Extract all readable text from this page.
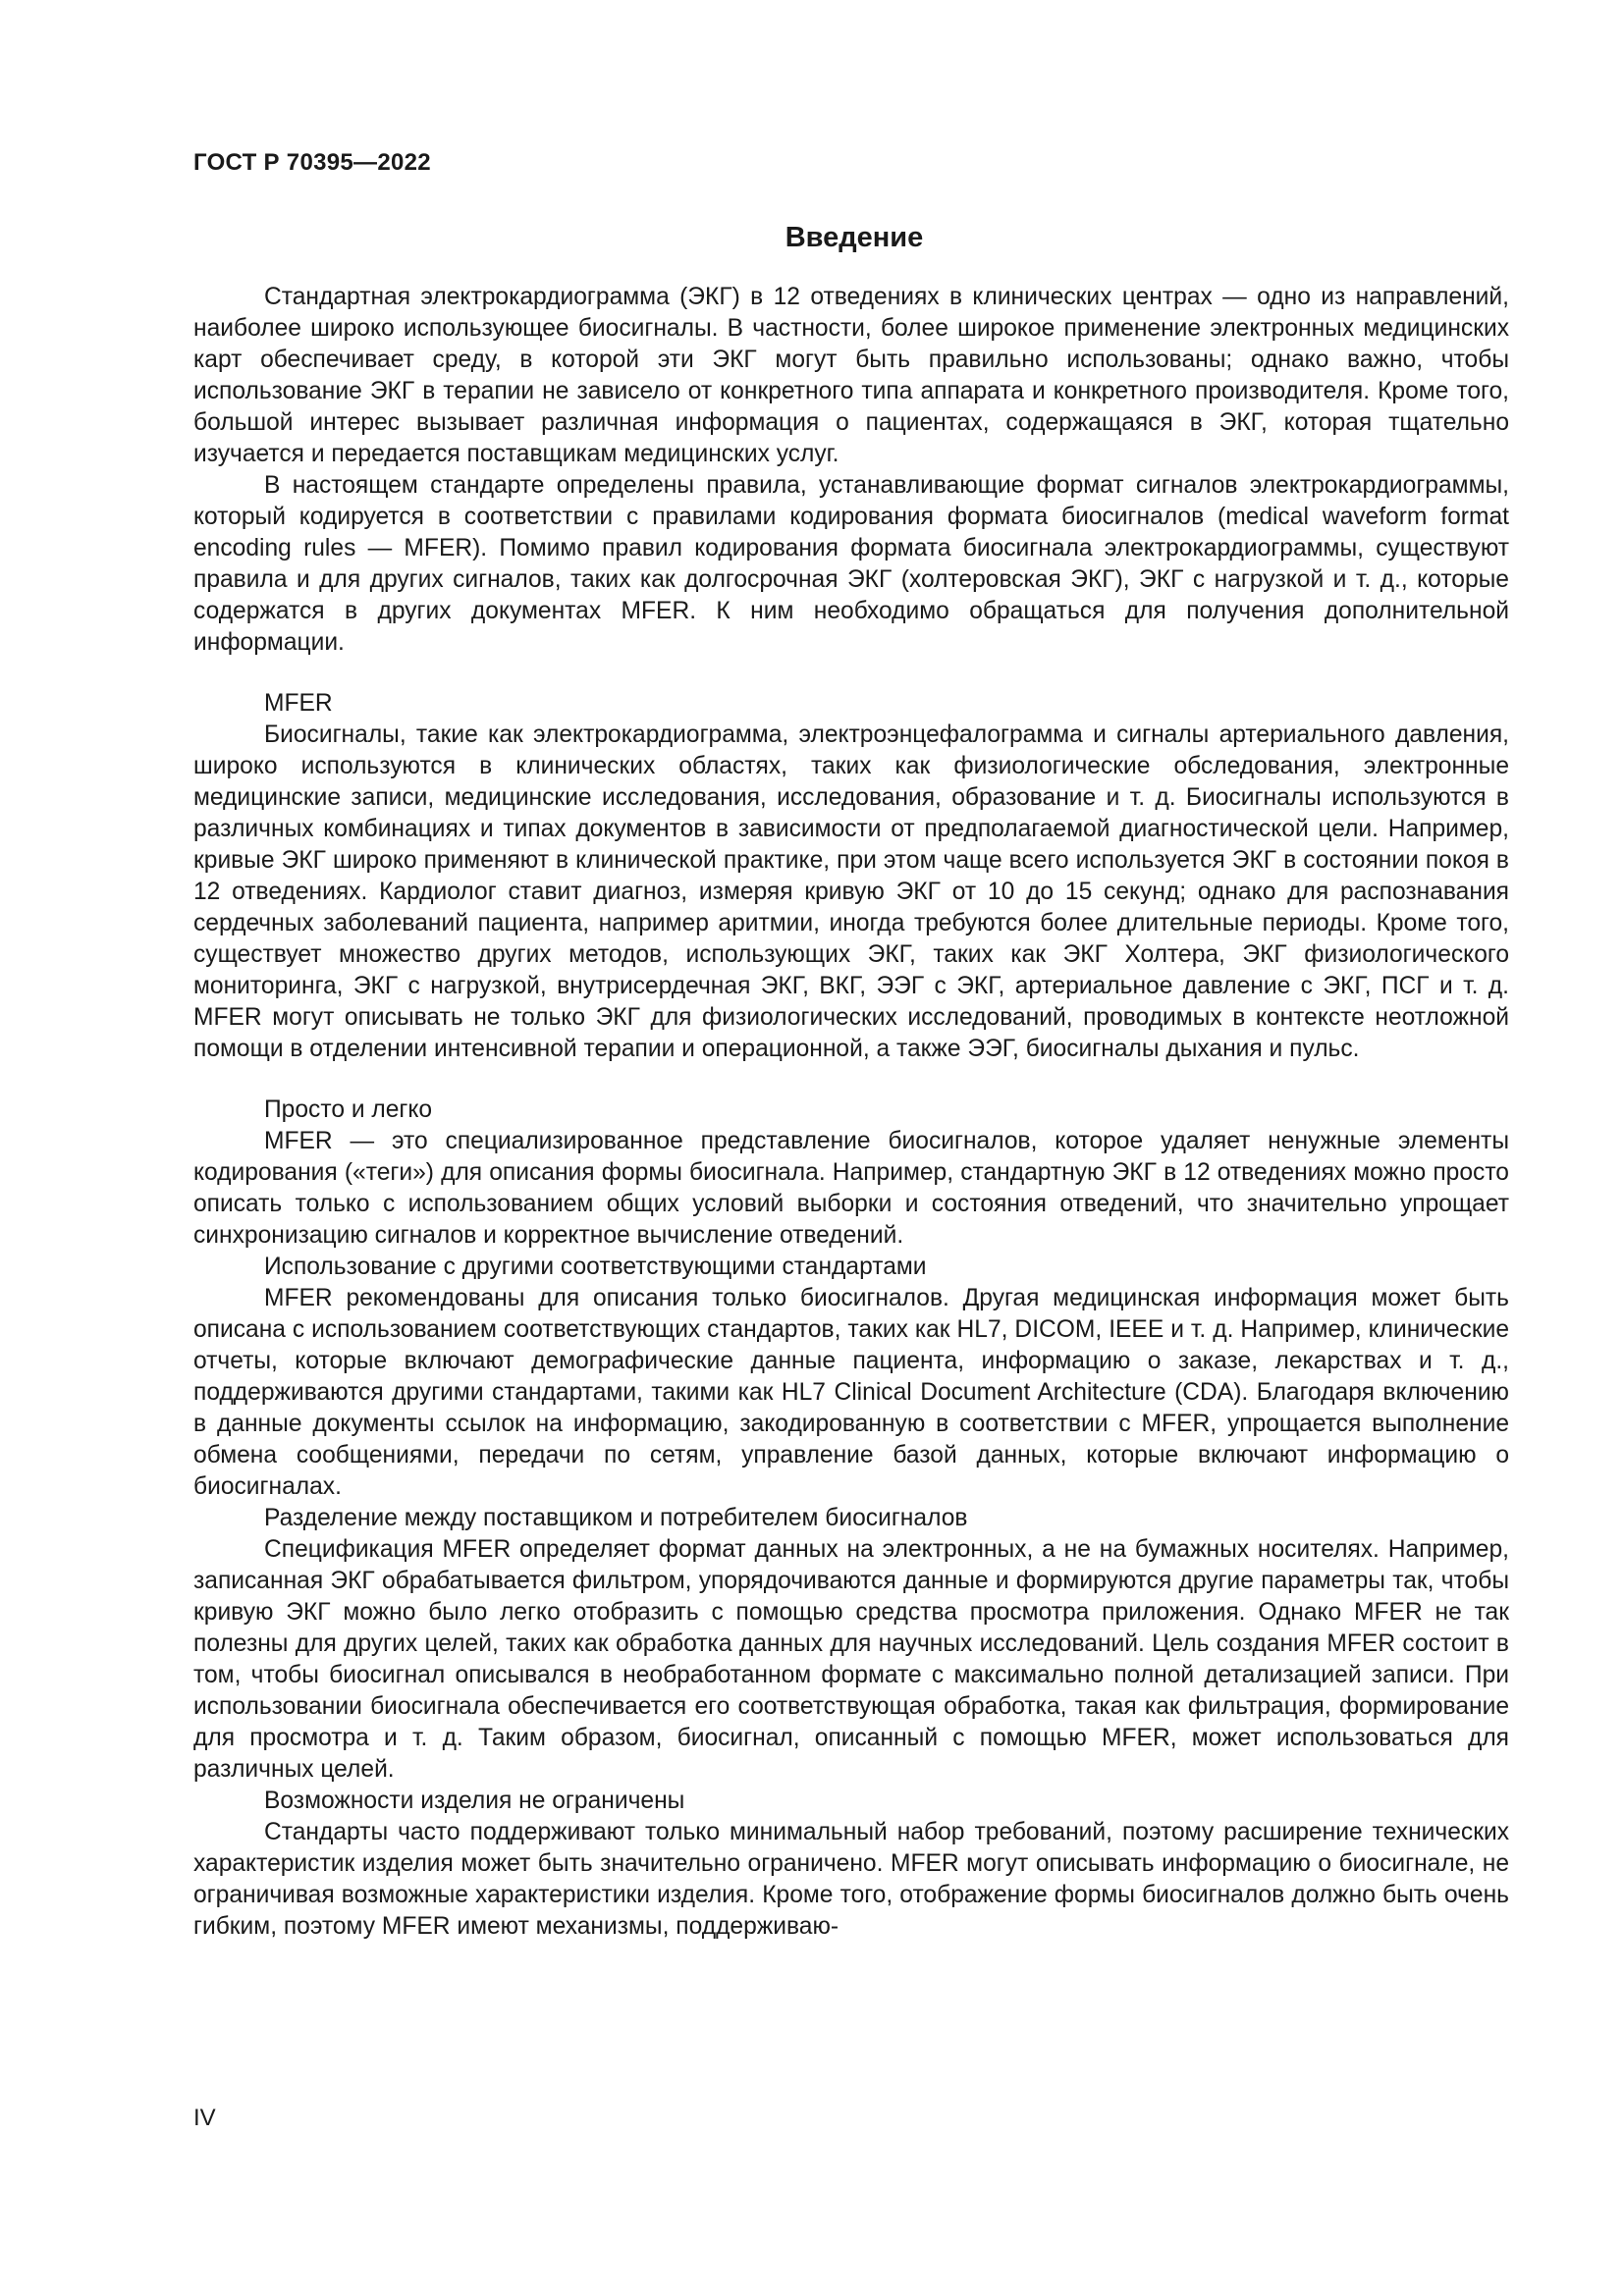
ГОСТ Р 70395—2022
Введение

Стандартная электрокардиограмма (ЭКГ) в 12 отведениях в клинических центрах — одно из направлений, наиболее широко использующее биосигналы. В частности, более широкое применение электронных медицинских карт обеспечивает среду, в которой эти ЭКГ могут быть правильно использованы; однако важно, чтобы использование ЭКГ в терапии не зависело от конкретного типа аппарата и конкретного производителя. Кроме того, большой интерес вызывает различная информация о пациентах, содержащаяся в ЭКГ, которая тщательно изучается и передается поставщикам медицинских услуг.

В настоящем стандарте определены правила, устанавливающие формат сигналов электрокардиограммы, который кодируется в соответствии с правилами кодирования формата биосигналов (medical waveform format encoding rules — MFER). Помимо правил кодирования формата биосигнала электрокардиограммы, существуют правила и для других сигналов, таких как долгосрочная ЭКГ (холтеровская ЭКГ), ЭКГ с нагрузкой и т. д., которые содержатся в других документах MFER. К ним необходимо обращаться для получения дополнительной информации.

MFER

Биосигналы, такие как электрокардиограмма, электроэнцефалограмма и сигналы артериального давления, широко используются в клинических областях, таких как физиологические обследования, электронные медицинские записи, медицинские исследования, исследования, образование и т. д. Биосигналы используются в различных комбинациях и типах документов в зависимости от предполагаемой диагностической цели. Например, кривые ЭКГ широко применяют в клинической практике, при этом чаще всего используется ЭКГ в состоянии покоя в 12 отведениях. Кардиолог ставит диагноз, измеряя кривую ЭКГ от 10 до 15 секунд; однако для распознавания сердечных заболеваний пациента, например аритмии, иногда требуются более длительные периоды. Кроме того, существует множество других методов, использующих ЭКГ, таких как ЭКГ Холтера, ЭКГ физиологического мониторинга, ЭКГ с нагрузкой, внутрисердечная ЭКГ, ВКГ, ЭЭГ с ЭКГ, артериальное давление с ЭКГ, ПСГ и т. д. MFER могут описывать не только ЭКГ для физиологических исследований, проводимых в контексте неотложной помощи в отделении интенсивной терапии и операционной, а также ЭЭГ, биосигналы дыхания и пульс.

Просто и легко

MFER — это специализированное представление биосигналов, которое удаляет ненужные элементы кодирования («теги») для описания формы биосигнала. Например, стандартную ЭКГ в 12 отведениях можно просто описать только с использованием общих условий выборки и состояния отведений, что значительно упрощает синхронизацию сигналов и корректное вычисление отведений.

Использование с другими соответствующими стандартами

MFER рекомендованы для описания только биосигналов. Другая медицинская информация может быть описана с использованием соответствующих стандартов, таких как HL7, DICOM, IEEE и т. д. Например, клинические отчеты, которые включают демографические данные пациента, информацию о заказе, лекарствах и т. д., поддерживаются другими стандартами, такими как HL7 Clinical Document Architecture (CDA). Благодаря включению в данные документы ссылок на информацию, закодированную в соответствии с MFER, упрощается выполнение обмена сообщениями, передачи по сетям, управление базой данных, которые включают информацию о биосигналах.

Разделение между поставщиком и потребителем биосигналов

Спецификация MFER определяет формат данных на электронных, а не на бумажных носителях. Например, записанная ЭКГ обрабатывается фильтром, упорядочиваются данные и формируются другие параметры так, чтобы кривую ЭКГ можно было легко отобразить с помощью средства просмотра приложения. Однако MFER не так полезны для других целей, таких как обработка данных для научных исследований. Цель создания MFER состоит в том, чтобы биосигнал описывался в необработанном формате с максимально полной детализацией записи. При использовании биосигнала обеспечивается его соответствующая обработка, такая как фильтрация, формирование для просмотра и т. д. Таким образом, биосигнал, описанный с помощью MFER, может использоваться для различных целей.

Возможности изделия не ограничены

Стандарты часто поддерживают только минимальный набор требований, поэтому расширение технических характеристик изделия может быть значительно ограничено. MFER могут описывать информацию о биосигнале, не ограничивая возможные характеристики изделия. Кроме того, отображение формы биосигналов должно быть очень гибким, поэтому MFER имеют механизмы, поддерживаю-

IV
